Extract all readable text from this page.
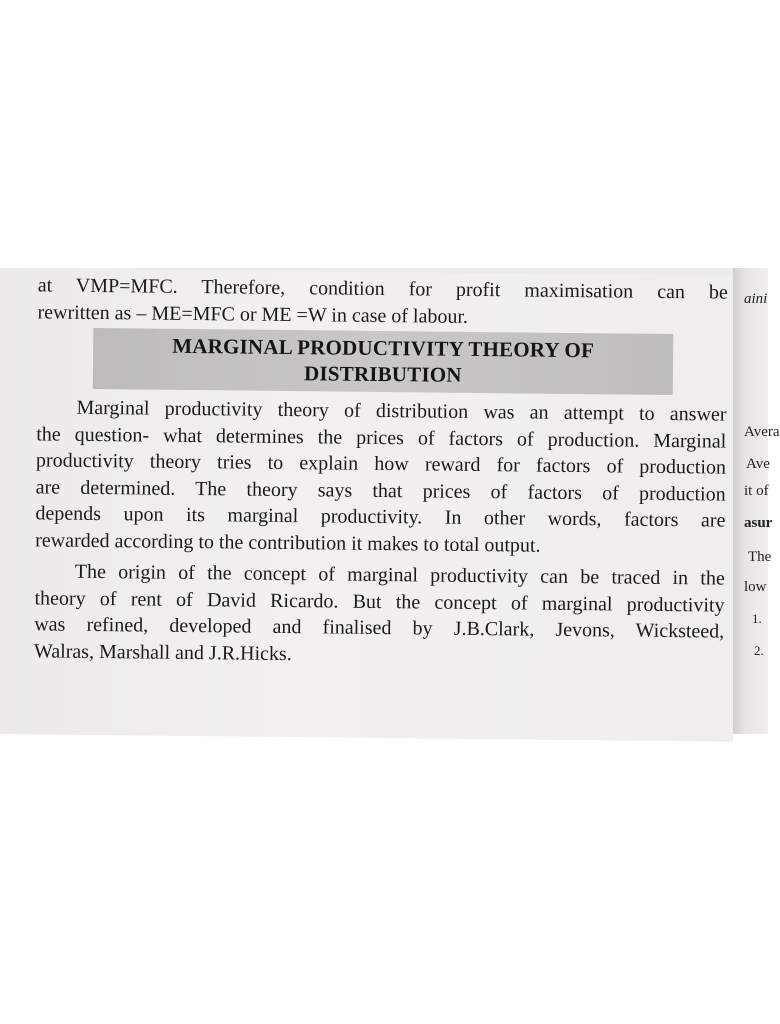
at VMP=MFC. Therefore, condition for profit maximisation can be
rewritten as – ME=MFC or ME =W in case of labour.
MARGINAL PRODUCTIVITY THEORY OF
DISTRIBUTION
Marginal productivity theory of distribution was an attempt to answer
the question- what determines the prices of factors of production. Marginal
productivity theory tries to explain how reward for factors of production
are determined. The theory says that prices of factors of production
depends upon its marginal productivity. In other words, factors are
rewarded according to the contribution it makes to total output.
The origin of the concept of marginal productivity can be traced in the
theory of rent of David Ricardo. But the concept of marginal productivity
was refined, developed and finalised by J.B.Clark, Jevons, Wicksteed,
Walras, Marshall and J.R.Hicks.
aini
Avera
Ave
it of
asur
The
low
1.
2.
